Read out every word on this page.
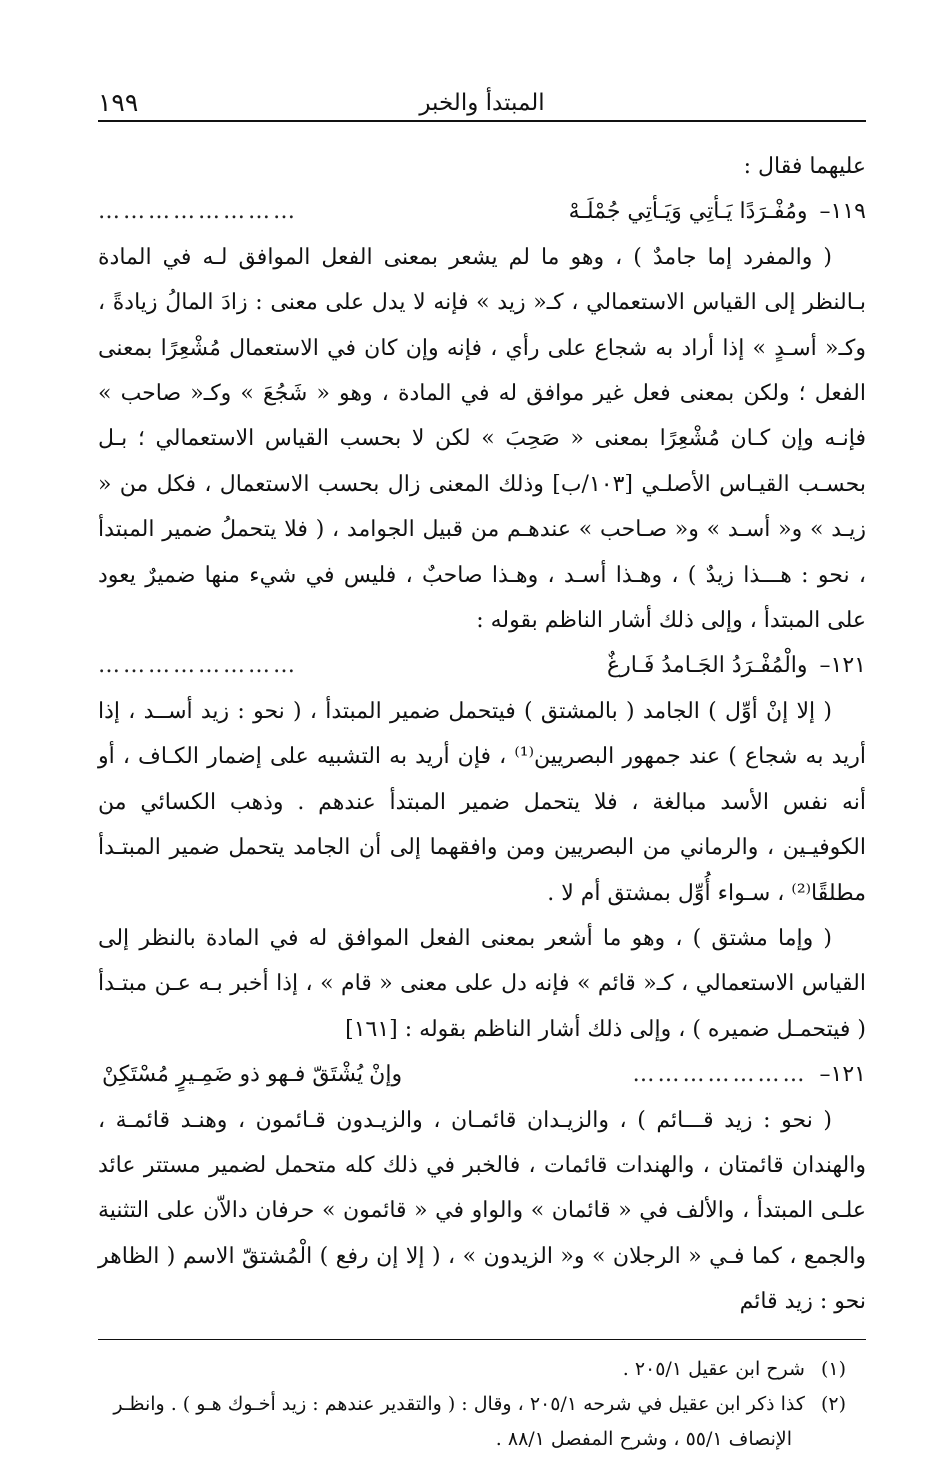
المبتدأ والخبر
١٩٩

عليهما فقال :

١١٩–
ومُفْـرَدًا يَـأتِي وَيَـأتِي جُمْلَـهْ
……………………

( والمفرد إما جامدٌ ) ، وهو ما لم يشعر بمعنى الفعل الموافق لـه في المادة بـالنظر إلى القياس الاستعمالي ، كـ« زيد » فإنه لا يدل على معنى : زادَ المالُ زيادةً ، وكـ« أسـدٍ » إذا أراد به شجاع على رأي ، فإنه وإن كان في الاستعمال مُشْعِرًا بمعنى الفعل ؛ ولكن بمعنى فعل غير موافق له في المادة ، وهو « شَجُعَ » وكـ« صاحب » فإنـه وإن كـان مُشْعِرًا بمعنى « صَحِبَ » لكن لا بحسب القياس الاستعمالي ؛ بـل بحسـب القيـاس الأصلـي [١٠٣/ب] وذلك المعنى زال بحسب الاستعمال ، فكل من « زيـد » و« أسـد » و« صـاحب » عندهـم من قبيل الجوامد ، ( فلا يتحملُ ضمير المبتدأ ، نحو : هـــذا زيدٌ ) ، وهـذا أسـد ، وهـذا صاحبٌ ، فليس في شيء منها ضميرٌ يعود على المبتدأ ، وإلى ذلك أشار الناظم بقوله :

١٢١–
والْمُفْـرَدُ الجَـامدُ فَـارغٌ
……………………

( إلا إنْ أوِّل ) الجامد ( بالمشتق ) فيتحمل ضمير المبتدأ ، ( نحو : زيد أســد ، إذا أريد به شجاع ) عند جمهور البصريين⁽¹⁾ ، فإن أريد به التشبيه على إضمار الكـاف ، أو أنه نفس الأسد مبالغة ، فلا يتحمل ضمير المبتدأ عندهم . وذهب الكسائي من الكوفيـين ، والرماني من البصريين ومن وافقهما إلى أن الجامد يتحمل ضمير المبتـدأ مطلقًا⁽²⁾ ، سـواء أُوِّل بمشتق أم لا .

( وإما مشتق ) ، وهو ما أشعر بمعنى الفعل الموافق له في المادة بالنظر إلى القياس الاستعمالي ، كـ« قائم » فإنه دل على معنى « قام » ، إذا أخبر بـه عـن مبتـدأ ( فيتحمـل ضميره ) ، وإلى ذلك أشار الناظم بقوله : [١٦١]

١٢١–
…………………
وإنْ
يُشْتَقّ فـهو ذو ضَمِـيرٍ مُسْتَكِنْ

( نحو : زيد قـــائم ) ، والزيـدان قائمـان ، والزيـدون قـائمون ، وهنـد قائمـة ، والهندان قائمتان ، والهندات قائمات ، فالخبر في ذلك كله متحمل لضمير مستتر عائد علـى المبتدأ ، والألف في « قائمان » والواو في « قائمون » حرفان دالاّن على التثنية والجمع ، كما فـي « الرجلان » و« الزيدون » ، ( إلا إن رفع ) الْمُشتقّ الاسم ( الظاهر نحو : زيد قائم

(١)
شرح ابن عقيل ٢٠٥/١ .
(٢)
كذا ذكر ابن عقيل في شرحه ٢٠٥/١ ، وقال : ( والتقدير عندهم : زيد أخـوك هـو ) . وانظـر
الإنصاف ٥٥/١ ، وشرح المفصل ٨٨/١ .
